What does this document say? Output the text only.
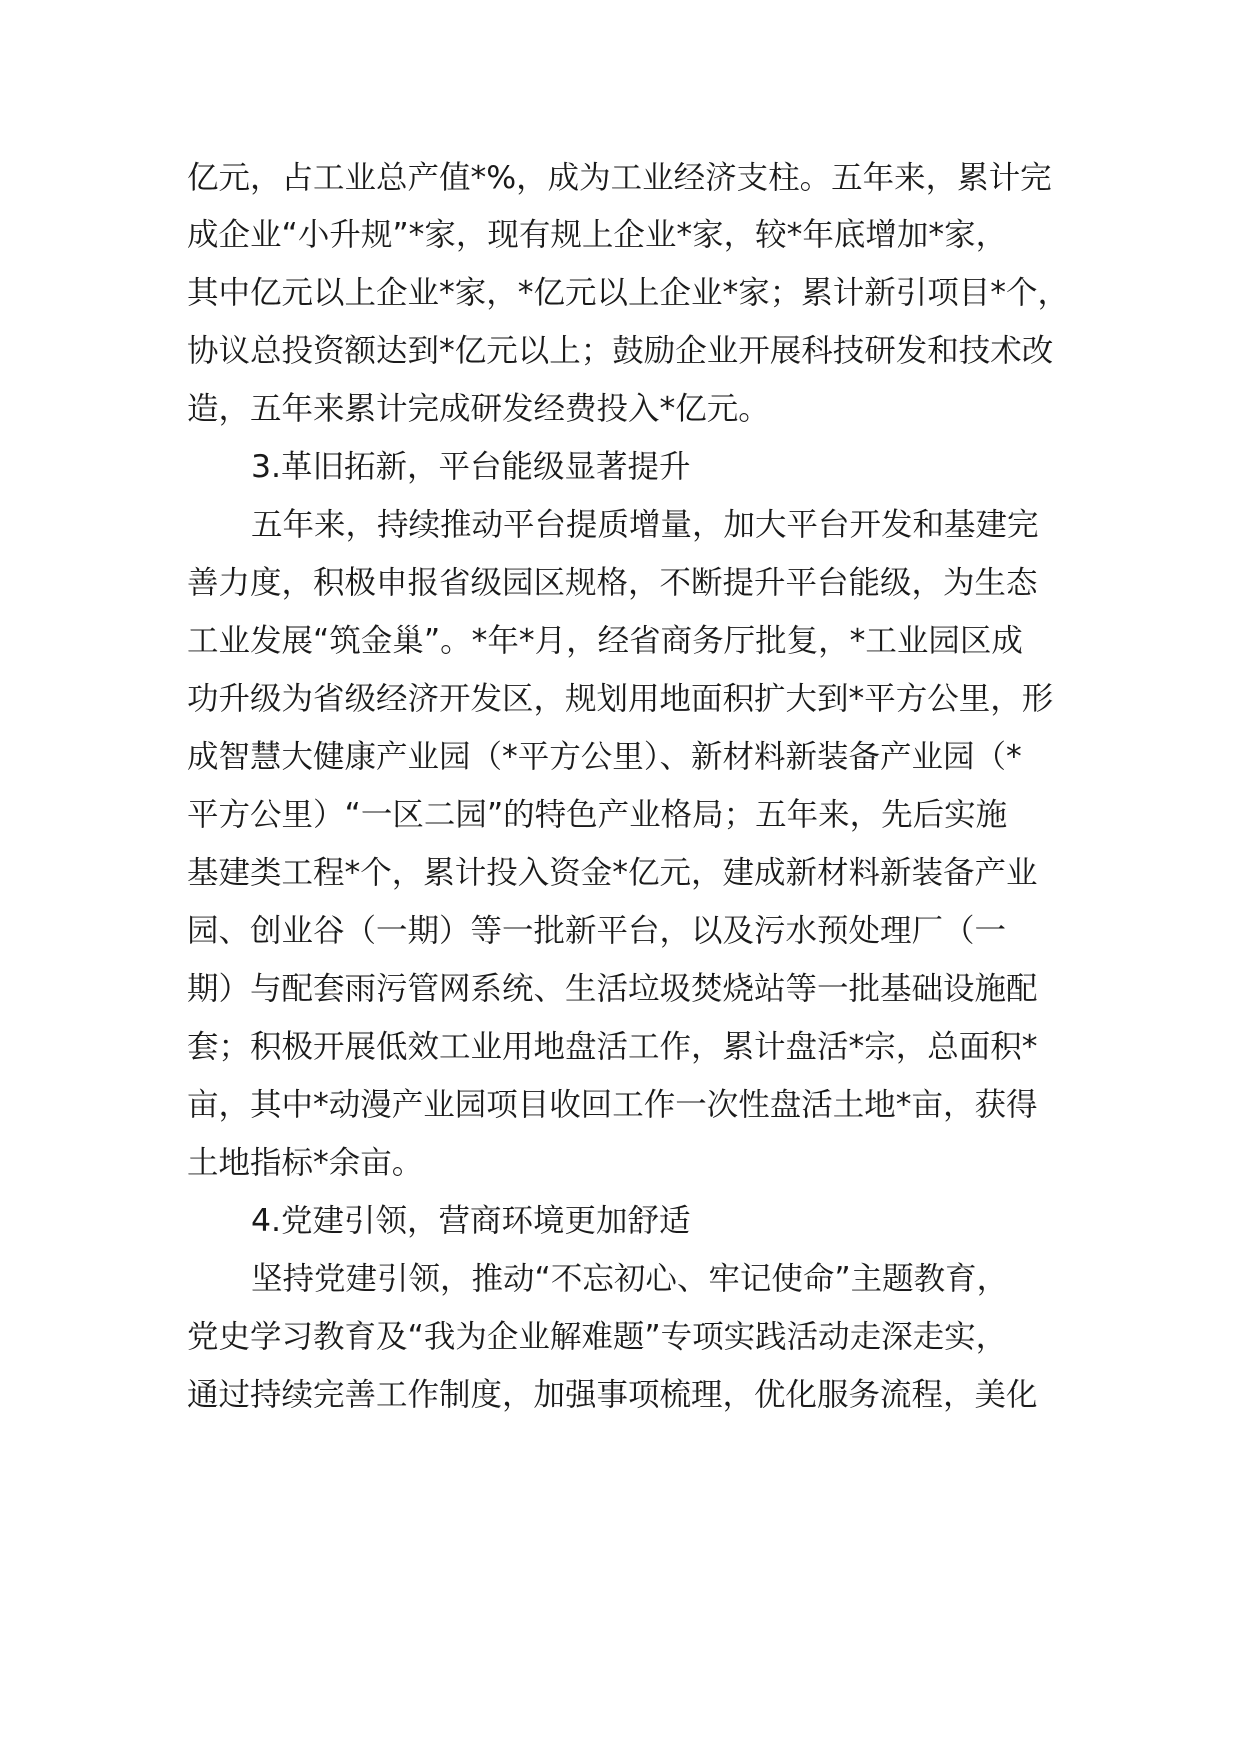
亿元，占工业总产值*%，成为工业经济支柱。五年来，累计完
成企业“小升规”*家，现有规上企业*家，较*年底增加*家，
其中亿元以上企业*家，*亿元以上企业*家；累计新引项目*个，
协议总投资额达到*亿元以上；鼓励企业开展科技研发和技术改
造，五年来累计完成研发经费投入*亿元。
3.革旧拓新，平台能级显著提升
五年来，持续推动平台提质增量，加大平台开发和基建完
善力度，积极申报省级园区规格，不断提升平台能级，为生态
工业发展“筑金巢”。*年*月，经省商务厅批复，*工业园区成
功升级为省级经济开发区，规划用地面积扩大到*平方公里，形
成智慧大健康产业园（*平方公里）、新材料新装备产业园（*
平方公里）“一区二园”的特色产业格局；五年来，先后实施
基建类工程*个，累计投入资金*亿元，建成新材料新装备产业
园、创业谷（一期）等一批新平台，以及污水预处理厂（一
期）与配套雨污管网系统、生活垃圾焚烧站等一批基础设施配
套；积极开展低效工业用地盘活工作，累计盘活*宗，总面积*
亩，其中*动漫产业园项目收回工作一次性盘活土地*亩，获得
土地指标*余亩。
4.党建引领，营商环境更加舒适
坚持党建引领，推动“不忘初心、牢记使命”主题教育，
党史学习教育及“我为企业解难题”专项实践活动走深走实，
通过持续完善工作制度，加强事项梳理，优化服务流程，美化
